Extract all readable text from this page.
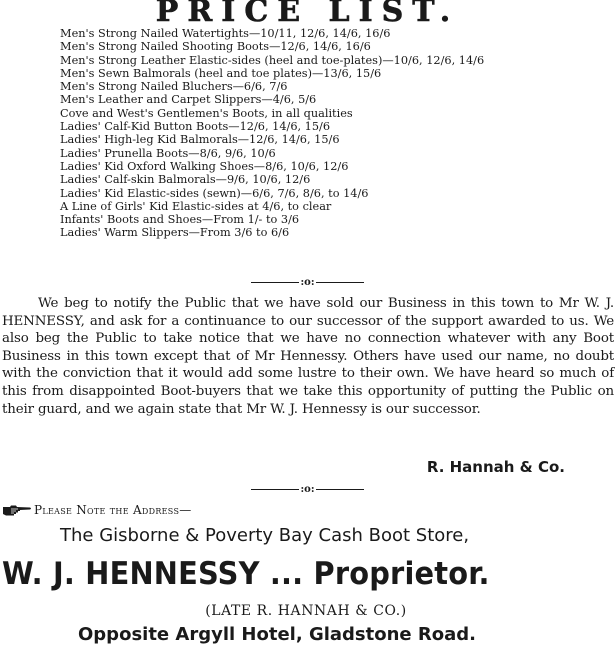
PRICE LIST.
Men's Strong Nailed Watertights—10/11, 12/6, 14/6, 16/6
Men's Strong Nailed Shooting Boots—12/6, 14/6, 16/6
Men's Strong Leather Elastic-sides (heel and toe-plates)—10/6, 12/6, 14/6
Men's Sewn Balmorals (heel and toe plates)—13/6, 15/6
Men's Strong Nailed Bluchers—6/6, 7/6
Men's Leather and Carpet Slippers—4/6, 5/6
Cove and West's Gentlemen's Boots, in all qualities
Ladies' Calf-Kid Button Boots—12/6, 14/6, 15/6
Ladies' High-leg Kid Balmorals—12/6, 14/6, 15/6
Ladies' Prunella Boots—8/6, 9/6, 10/6
Ladies' Kid Oxford Walking Shoes—8/6, 10/6, 12/6
Ladies' Calf-skin Balmorals—9/6, 10/6, 12/6
Ladies' Kid Elastic-sides (sewn)—6/6, 7/6, 8/6, to 14/6
A Line of Girls' Kid Elastic-sides at 4/6, to clear
Infants' Boots and Shoes—From 1/- to 3/6
Ladies' Warm Slippers—From 3/6 to 6/6
:o:

We beg to notify the Public that we have sold our Business in this town to Mr W. J. HENNESSY, and ask for a continuance to our successor of the support awarded to us. We also beg the Public to take notice that we have no connection whatever with any Boot Business in this town except that of Mr Hennessy. Others have used our name, no doubt with the conviction that it would add some lustre to their own. We have heard so much of this from disappointed Boot-buyers that we take this opportunity of putting the Public on their guard, and we again state that Mr W. J. Hennessy is our successor.

R. Hannah & Co.
:o:
Please Note the Address—
The Gisborne & Poverty Bay Cash Boot Store,
W. J. HENNESSY ... Proprietor.
(LATE R. HANNAH & CO.)
Opposite Argyll Hotel, Gladstone Road.
